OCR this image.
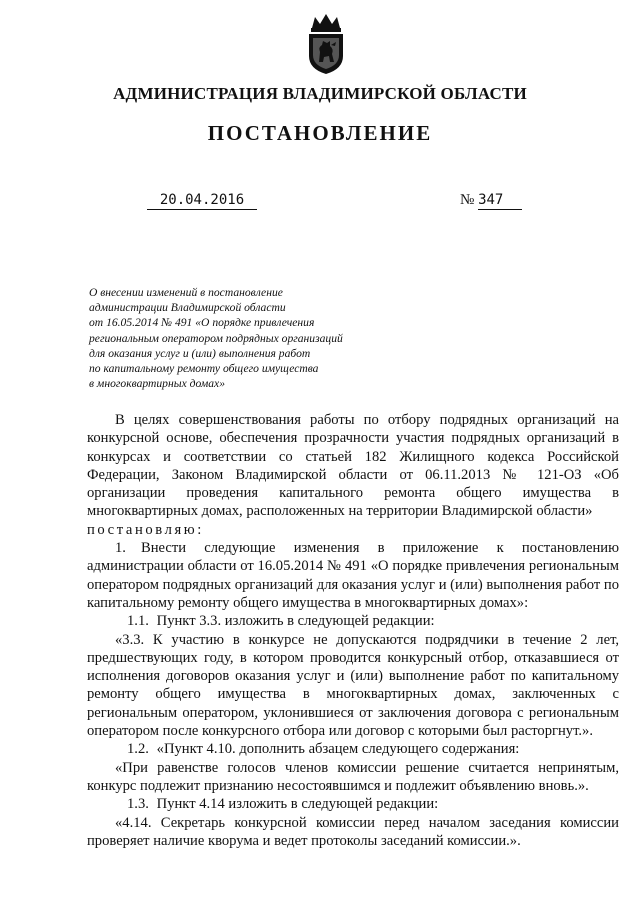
АДМИНИСТРАЦИЯ ВЛАДИМИРСКОЙ ОБЛАСТИ
ПОСТАНОВЛЕНИЕ
20.04.2016	№ 347
О внесении изменений в постановление
администрации Владимирской области
от 16.05.2014 № 491 «О порядке привлечения
региональным оператором подрядных организаций
для оказания услуг и (или) выполнения работ
по капитальному ремонту общего имущества
в многоквартирных домах»

В целях совершенствования работы по отбору подрядных организаций на конкурсной основе, обеспечения прозрачности участия подрядных организаций в конкурсах и соответствии со статьей 182 Жилищного кодекса Российской Федерации, Законом Владимирской области от 06.11.2013 № 121-ОЗ «Об организации проведения капитального ремонта общего имущества в многоквартирных домах, расположенных на территории Владимирской области»

постановляю:

1. Внести следующие изменения в приложение к постановлению администрации области от 16.05.2014 № 491 «О порядке привлечения региональным оператором подрядных организаций для оказания услуг и (или) выполнения работ по капитальному ремонту общего имущества в многоквартирных домах»:

1.1. Пункт 3.3. изложить в следующей редакции:

«3.3. К участию в конкурсе не допускаются подрядчики в течение 2 лет, предшествующих году, в котором проводится конкурсный отбор, отказавшиеся от исполнения договоров оказания услуг и (или) выполнение работ по капитальному ремонту общего имущества в многоквартирных домах, заключенных с региональным оператором, уклонившиеся от заключения договора с региональным оператором после конкурсного отбора или договор с которыми был расторгнут.».

1.2. «Пункт 4.10. дополнить абзацем следующего содержания:

«При равенстве голосов членов комиссии решение считается непринятым, конкурс подлежит признанию несостоявшимся и подлежит объявлению вновь.».

1.3. Пункт 4.14 изложить в следующей редакции:

«4.14. Секретарь конкурсной комиссии перед началом заседания комиссии проверяет наличие кворума и ведет протоколы заседаний комиссии.».
